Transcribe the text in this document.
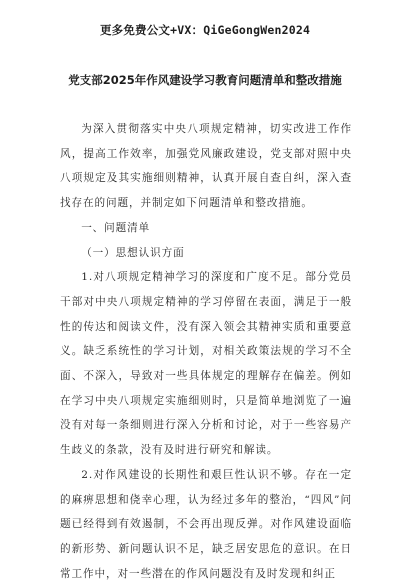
更多免费公文+VX：QiGeGongWen2024
党支部2025年作风建设学习教育问题清单和整改措施

为深入贯彻落实中央八项规定精神，切实改进工作作风，提高工作效率，加强党风廉政建设，党支部对照中央八项规定及其实施细则精神，认真开展自查自纠，深入查找存在的问题，并制定如下问题清单和整改措施。

一、问题清单

（一）思想认识方面

1.对八项规定精神学习的深度和广度不足。部分党员干部对中央八项规定精神的学习停留在表面，满足于一般性的传达和阅读文件，没有深入领会其精神实质和重要意义。缺乏系统性的学习计划，对相关政策法规的学习不全面、不深入，导致对一些具体规定的理解存在偏差。例如在学习中央八项规定实施细则时，只是简单地浏览了一遍没有对每一条细则进行深入分析和讨论，对于一些容易产生歧义的条款，没有及时进行研究和解读。

2.对作风建设的长期性和艰巨性认识不够。存在一定的麻痹思想和侥幸心理，认为经过多年的整治，“四风”问题已经得到有效遏制，不会再出现反弹。对作风建设面临的新形势、新问题认识不足，缺乏居安思危的意识。在日常工作中，对一些潜在的作风问题没有及时发现和纠正
